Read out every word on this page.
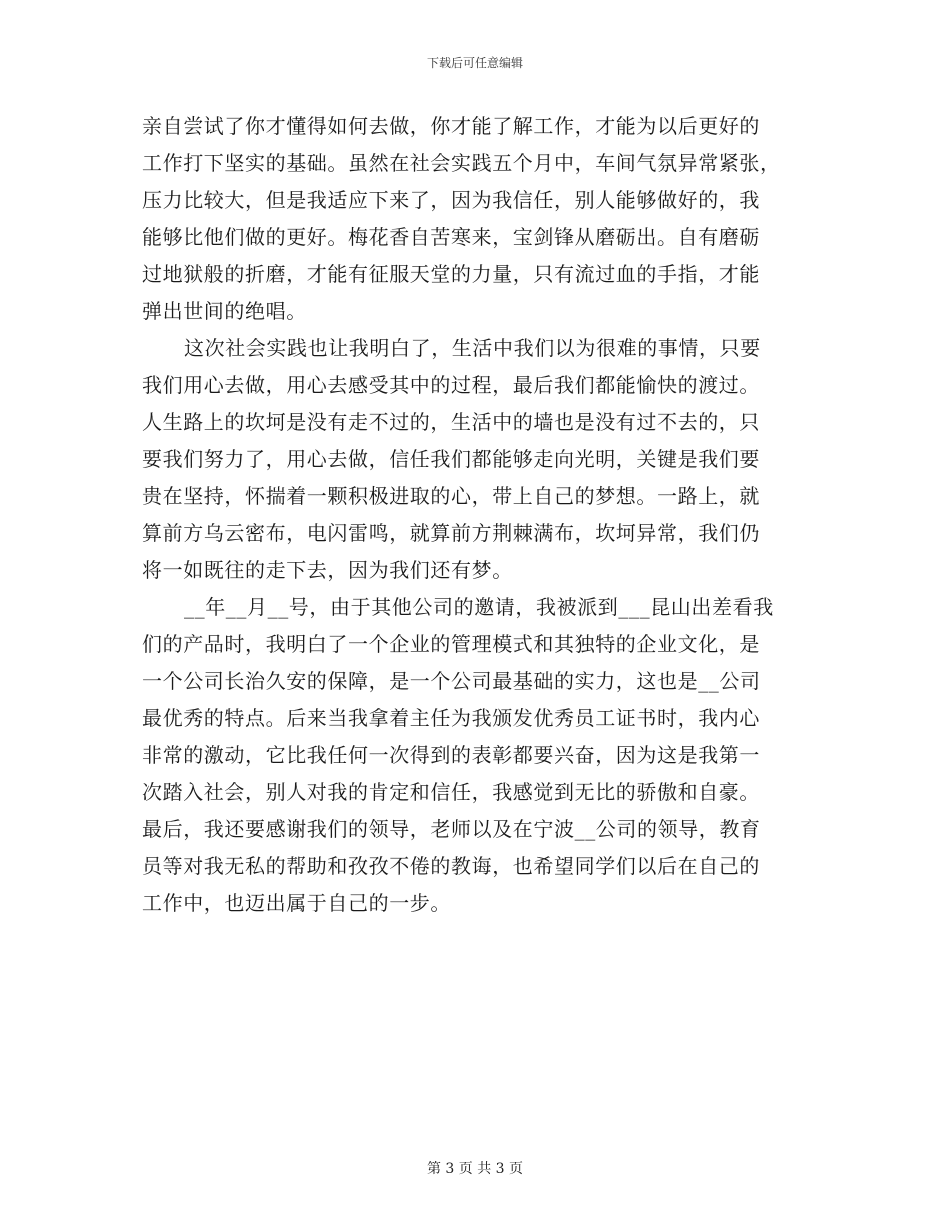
下载后可任意编辑
亲自尝试了你才懂得如何去做，你才能了解工作，才能为以后更好的
工作打下坚实的基础。虽然在社会实践五个月中，车间气氛异常紧张，
压力比较大，但是我适应下来了，因为我信任，别人能够做好的，我
能够比他们做的更好。梅花香自苦寒来，宝剑锋从磨砺出。自有磨砺
过地狱般的折磨，才能有征服天堂的力量，只有流过血的手指，才能
弹出世间的绝唱。
这次社会实践也让我明白了，生活中我们以为很难的事情，只要
我们用心去做，用心去感受其中的过程，最后我们都能愉快的渡过。
人生路上的坎坷是没有走不过的，生活中的墙也是没有过不去的，只
要我们努力了，用心去做，信任我们都能够走向光明，关键是我们要
贵在坚持，怀揣着一颗积极进取的心，带上自己的梦想。一路上，就
算前方乌云密布，电闪雷鸣，就算前方荆棘满布，坎坷异常，我们仍
将一如既往的走下去，因为我们还有梦。
__年__月__号，由于其他公司的邀请，我被派到___昆山出差看我
们的产品时，我明白了一个企业的管理模式和其独特的企业文化，是
一个公司长治久安的保障，是一个公司最基础的实力，这也是__公司
最优秀的特点。后来当我拿着主任为我颁发优秀员工证书时，我内心
非常的激动，它比我任何一次得到的表彰都要兴奋，因为这是我第一
次踏入社会，别人对我的肯定和信任，我感觉到无比的骄傲和自豪。
最后，我还要感谢我们的领导，老师以及在宁波__公司的领导，教育
员等对我无私的帮助和孜孜不倦的教诲，也希望同学们以后在自己的
工作中，也迈出属于自己的一步。
第 3 页 共 3 页
